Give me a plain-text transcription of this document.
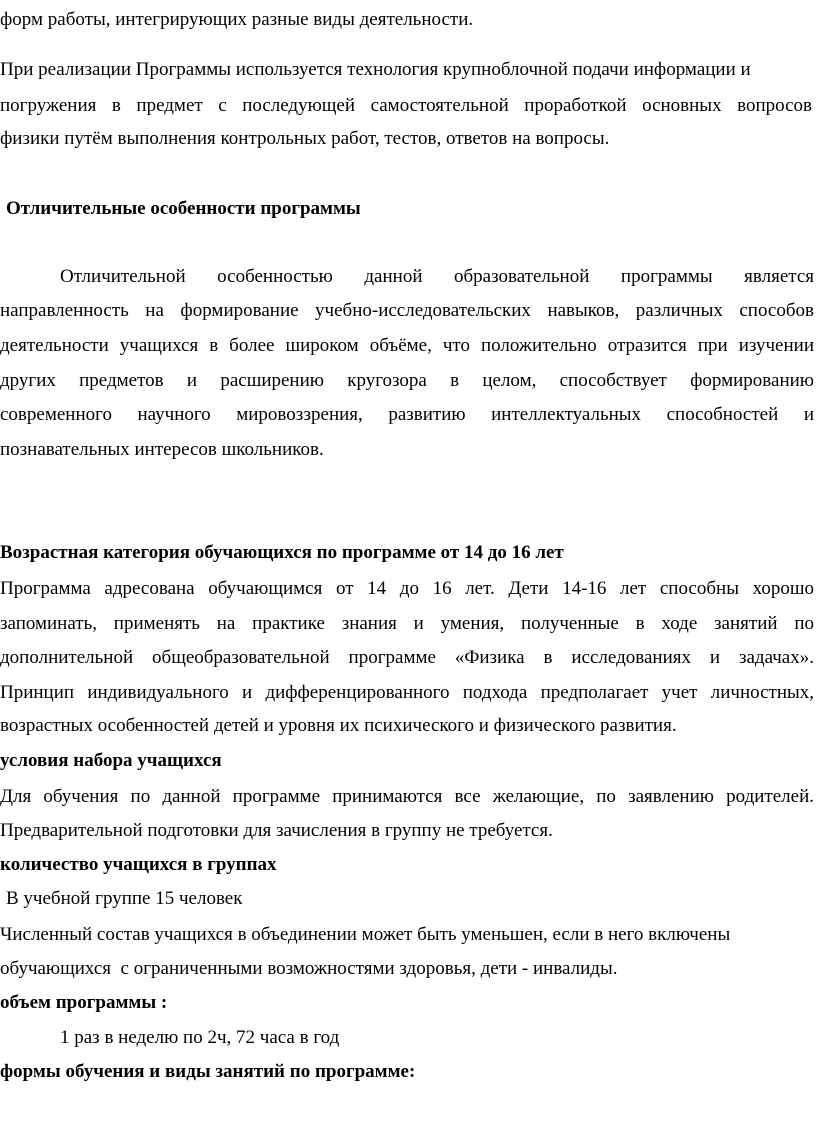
форм работы, интегрирующих разные виды деятельности.
При реализации Программы используется технология крупноблочной подачи информации и
погружения в предмет с последующей самостоятельной проработкой основных вопросов
физики путём выполнения контрольных работ, тестов, ответов на вопросы.
Отличительные особенности программы
Отличительной особенностью данной образовательной программы является
направленность на формирование учебно-исследовательских навыков, различных способов
деятельности учащихся в более широком объёме, что положительно отразится при изучении
других предметов и расширению кругозора в целом, способствует формированию
современного научного мировоззрения, развитию интеллектуальных способностей и
познавательных интересов школьников.
Возрастная категория обучающихся по программе от 14 до 16 лет
Программа адресована обучающимся от 14 до 16 лет. Дети 14-16 лет способны хорошо
запоминать, применять на практике знания и умения, полученные в ходе занятий по
дополнительной общеобразовательной программе «Физика в исследованиях и задачах».
Принцип индивидуального и дифференцированного подхода предполагает учет личностных,
возрастных особенностей детей и уровня их психического и физического развития.
условия набора учащихся
Для обучения по данной программе принимаются все желающие, по заявлению родителей.
Предварительной подготовки для зачисления в группу не требуется.
количество учащихся в группах
В учебной группе 15 человек
Численный состав учащихся в объединении может быть уменьшен, если в него включены
обучающихся  с ограниченными возможностями здоровья, дети - инвалиды.
объем программы :
1 раз в неделю по 2ч, 72 часа в год
формы обучения и виды занятий по программе:
